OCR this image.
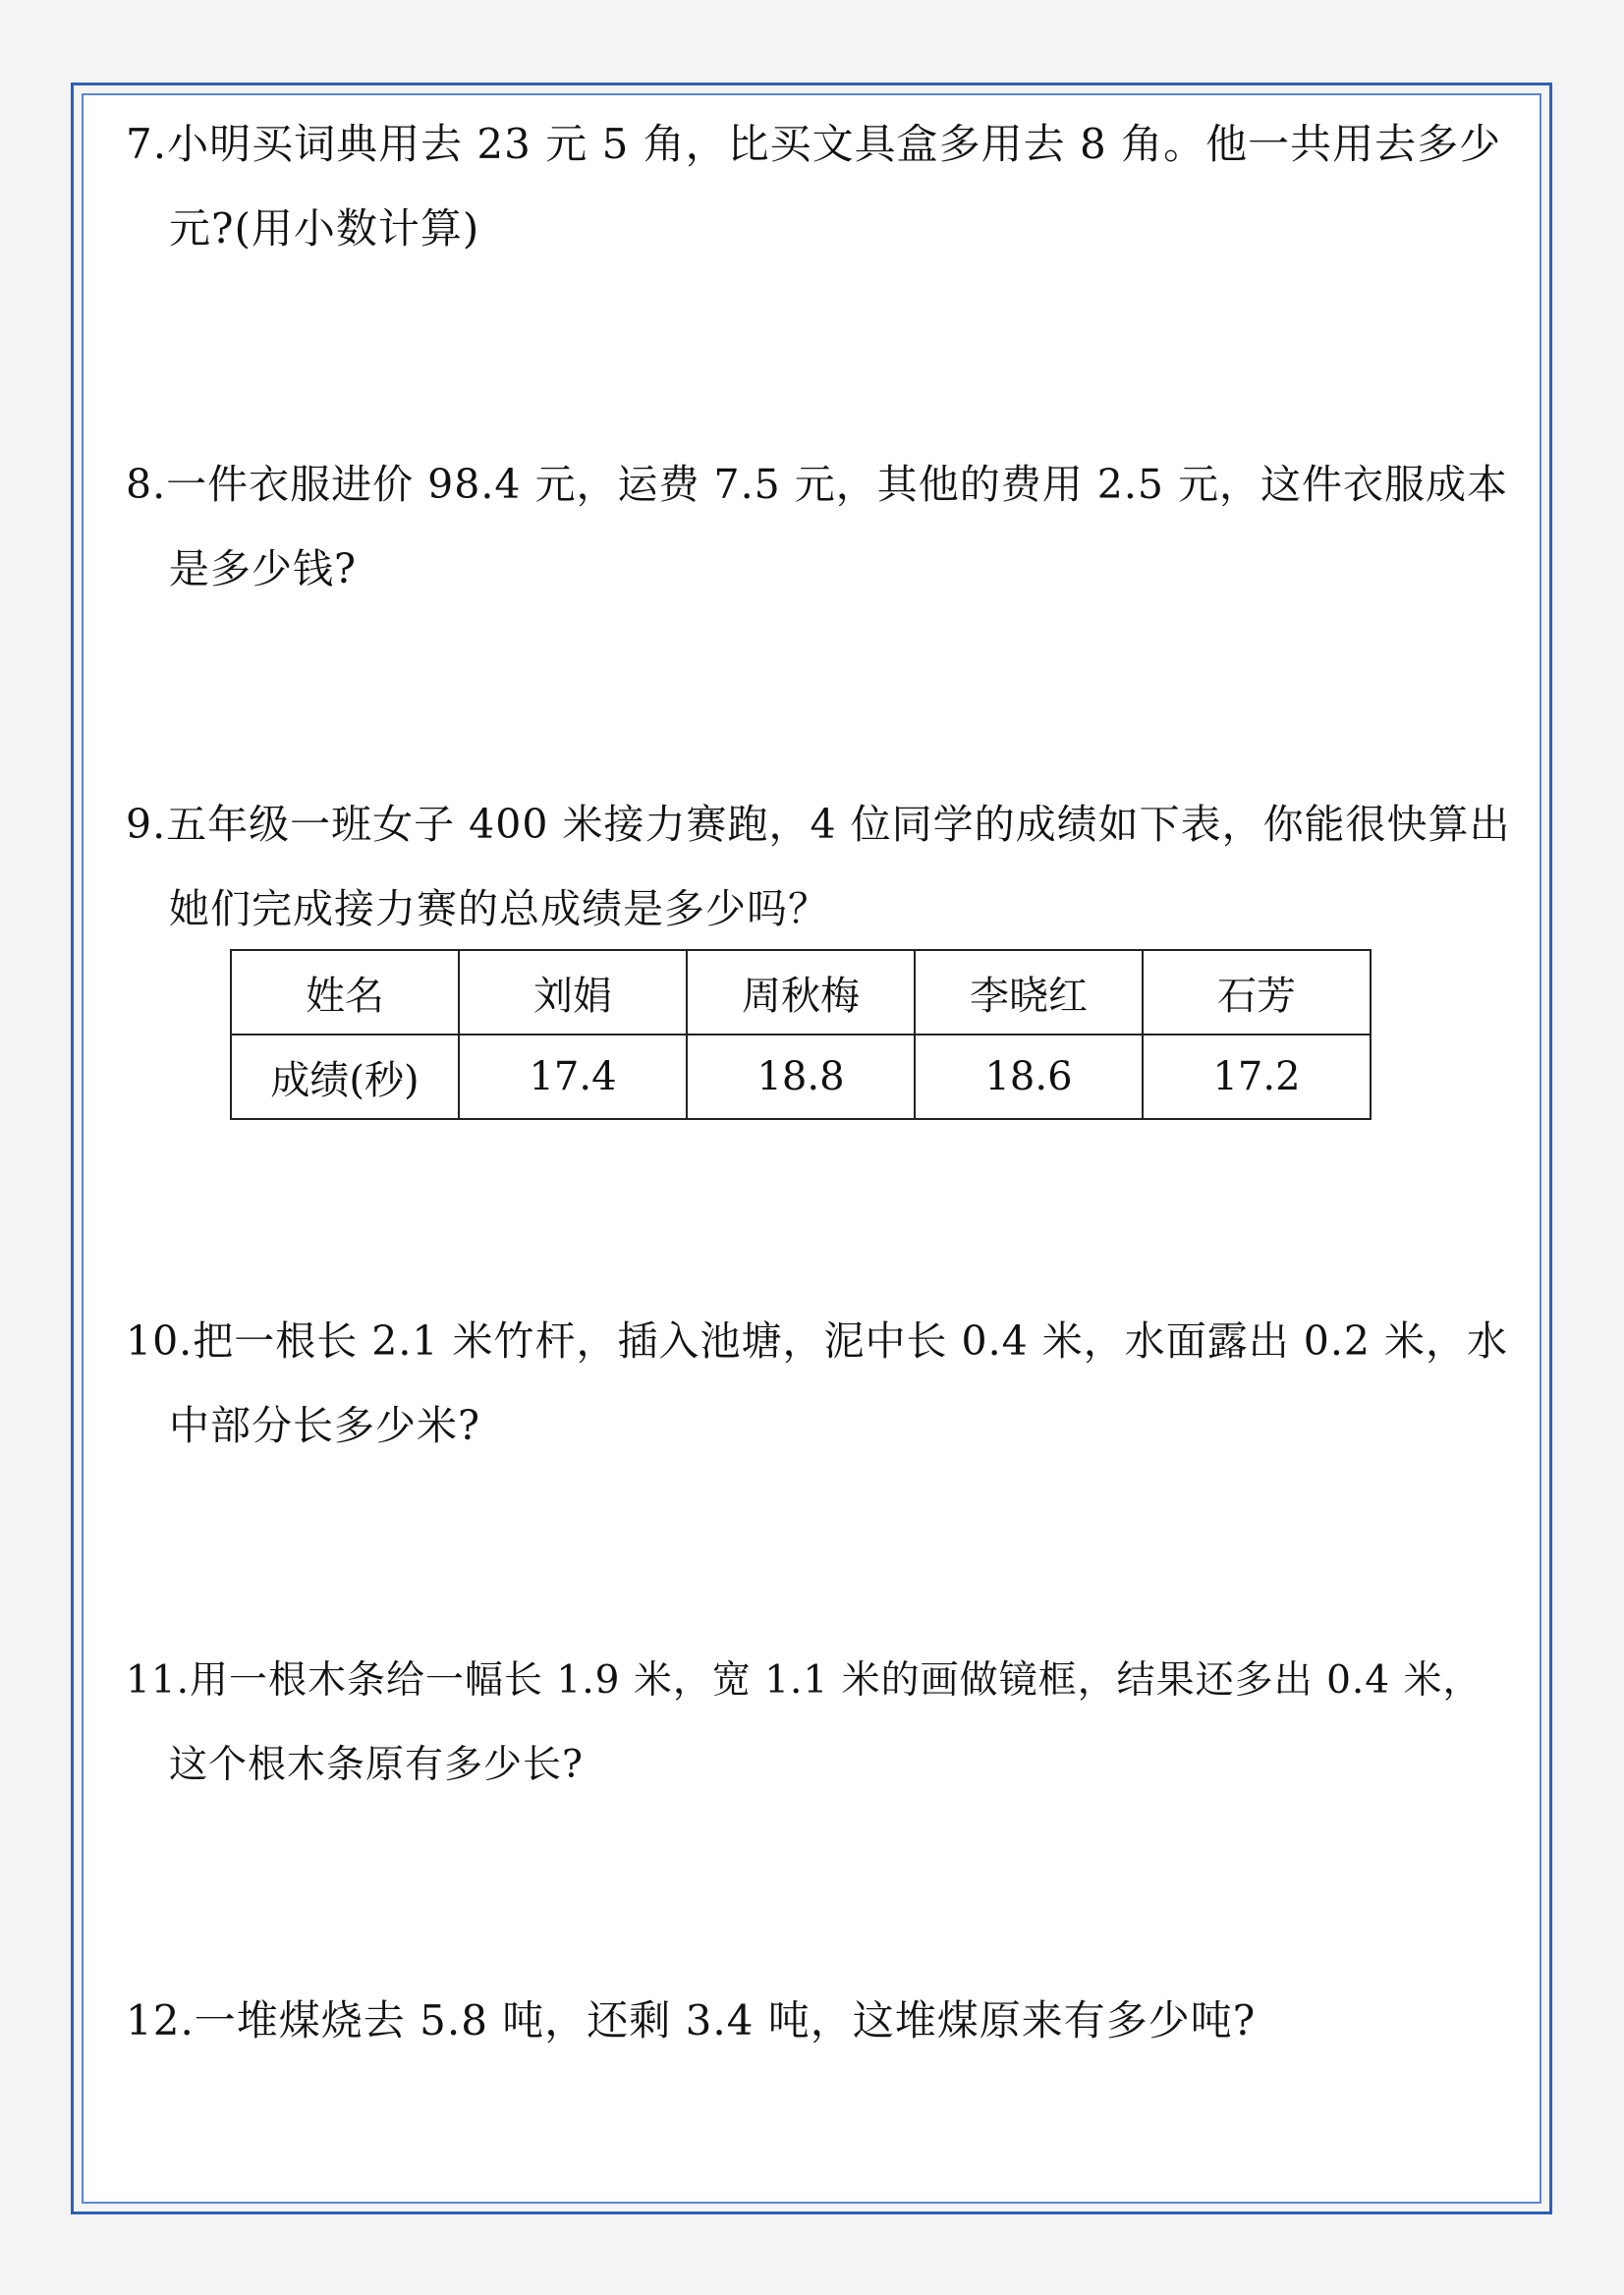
7.小明买词典用去 23 元 5 角，比买文具盒多用去 8 角。他一共用去多少
元?(用小数计算)
8.一件衣服进价 98.4 元，运费 7.5 元，其他的费用 2.5 元，这件衣服成本
是多少钱?
9.五年级一班女子 400 米接力赛跑，4 位同学的成绩如下表，你能很快算出
她们完成接力赛的总成绩是多少吗？
姓名	刘娟	周秋梅	李晓红	石芳
成绩(秒)	17.4	18.8	18.6	17.2
10.把一根长 2.1 米竹杆，插入池塘，泥中长 0.4 米，水面露出 0.2 米，水
中部分长多少米?
11.用一根木条给一幅长 1.9 米，宽 1.1 米的画做镜框，结果还多出 0.4 米，
这个根木条原有多少长?
12.一堆煤烧去 5.8 吨，还剩 3.4 吨，这堆煤原来有多少吨?
